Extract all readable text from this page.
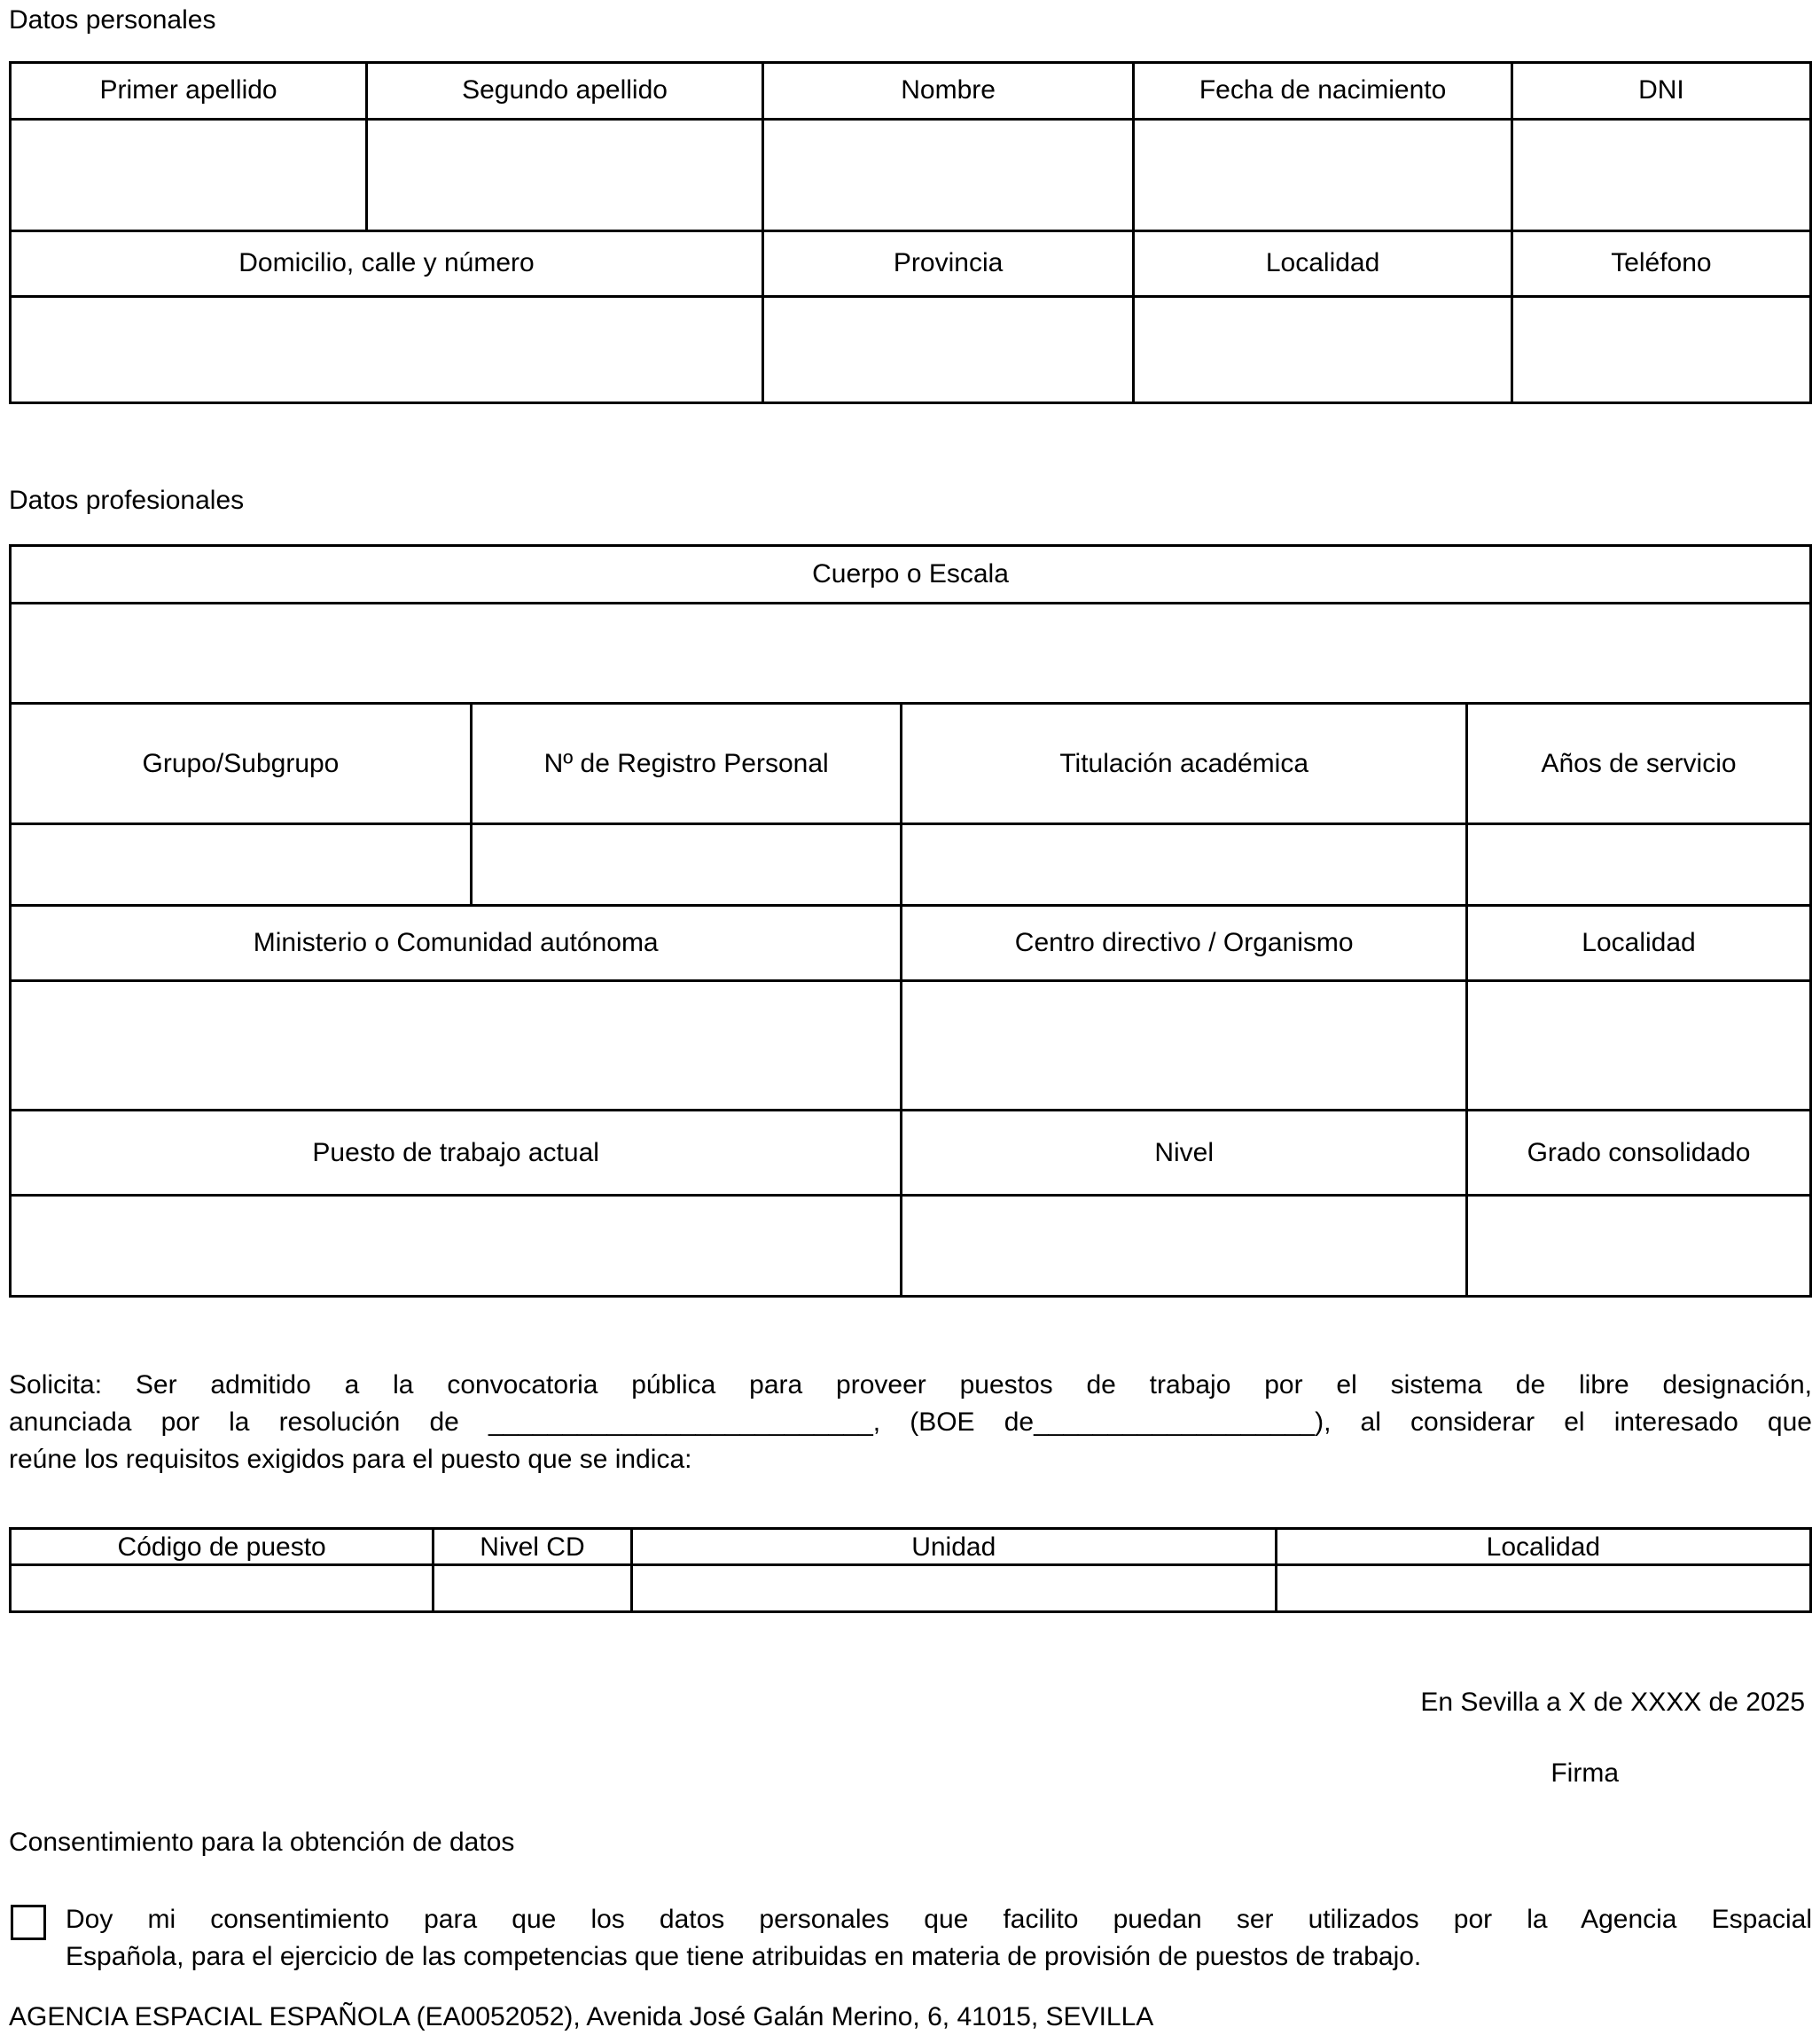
Datos personales
Primer apellido	Segundo apellido	Nombre	Fecha de nacimiento	DNI

Domicilio, calle y número		Provincia	Localidad	Teléfono

Datos profesionales
Cuerpo o Escala			

Grupo/Subgrupo	Nº de Registro Personal	Titulación académica	Años de servicio

Ministerio o Comunidad autónoma		Centro directivo / Organismo	Localidad

Puesto de trabajo actual		Nivel	Grado consolidado

Solicita: Ser admitido a la convocatoria pública para proveer puestos de trabajo por el sistema de libre designación,
anunciada por la resolución de __________________________, (BOE de___________________), al considerar el interesado que
reúne los requisitos exigidos para el puesto que se indica:
Código de puesto	Nivel CD	Unidad	Localidad

En Sevilla a X de XXXX de 2025

Firma

Consentimiento para la obtención de datos

Doy mi consentimiento para que los datos personales que facilito puedan ser utilizados por la Agencia Espacial
Española, para el ejercicio de las competencias que tiene atribuidas en materia de provisión de puestos de trabajo.

AGENCIA ESPACIAL ESPAÑOLA (EA0052052), Avenida José Galán Merino, 6, 41015, SEVILLA
